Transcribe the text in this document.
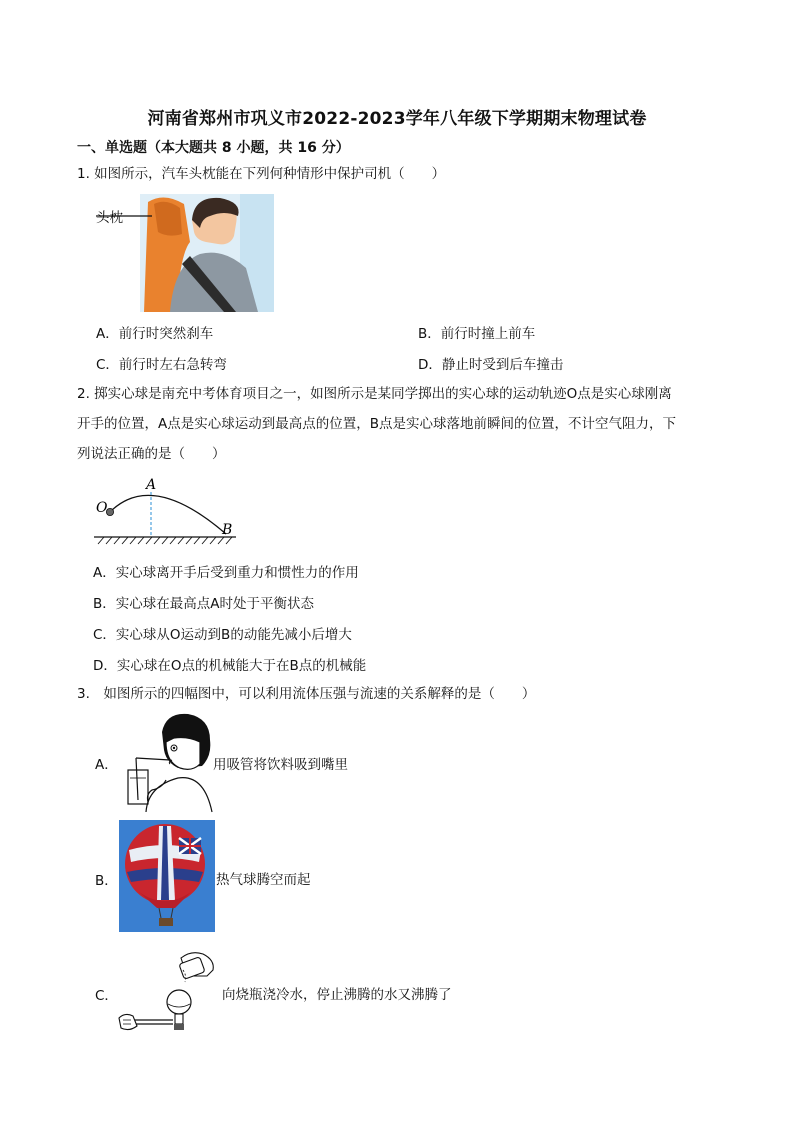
河南省郑州市巩义市2022-2023学年八年级下学期期末物理试卷
一、单选题（本大题共 8 小题，共 16 分）
1. 如图所示，汽车头枕能在下列何种情形中保护司机（　　）
头枕
A．前行时突然刹车	B．前行时撞上前车
C．前行时左右急转弯	D．静止时受到后车撞击
2. 掷实心球是南充中考体育项目之一，如图所示是某同学掷出的实心球的运动轨迹O点是实心球刚离
开手的位置，A点是实心球运动到最高点的位置，B点是实心球落地前瞬间的位置，不计空气阻力，下
列说法正确的是（　　）
O
A
B
A．实心球离开手后受到重力和惯性力的作用
B．实心球在最高点A时处于平衡状态
C．实心球从O运动到B的动能先减小后增大
D．实心球在O点的机械能大于在B点的机械能
3.　如图所示的四幅图中，可以利用流体压强与流速的关系解释的是（　　）
A．	用吸管将饮料吸到嘴里
B．	热气球腾空而起
C．	向烧瓶浇冷水，停止沸腾的水又沸腾了
